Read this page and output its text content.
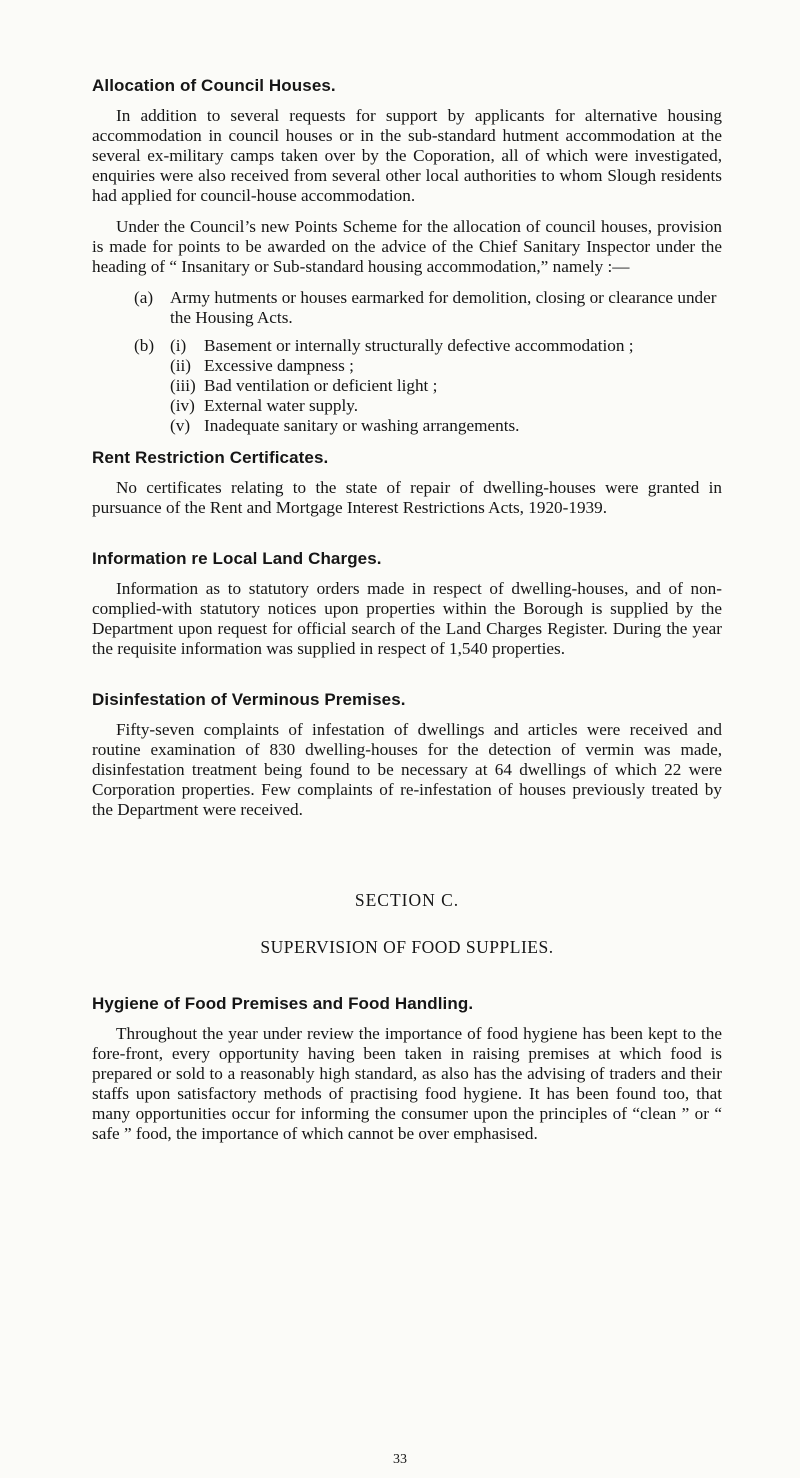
Allocation of Council Houses.

In addition to several requests for support by applicants for alternative housing accommodation in council houses or in the sub-standard hutment accommodation at the several ex-military camps taken over by the Coporation, all of which were investigated, enquiries were also received from several other local authorities to whom Slough residents had applied for council-house accommodation.

Under the Council’s new Points Scheme for the allocation of council houses, provision is made for points to be awarded on the advice of the Chief Sanitary Inspector under the heading of “ Insanitary or Sub-standard housing accommodation,” namely :—

(a) Army hutments or houses earmarked for demolition, closing or clearance under the Housing Acts.
(b) (i)	Basement or internally structurally defective accommodation ;
(ii) Excessive dampness ;
(iii) Bad ventilation or deficient light ;
(iv) External water supply.
(v) Inadequate sanitary or washing arrangements.
Rent Restriction Certificates.

No certificates relating to the state of repair of dwelling-houses were granted in pursuance of the Rent and Mortgage Interest Restrictions Acts, 1920-1939.

Information re Local Land Charges.

Information as to statutory orders made in respect of dwelling-houses, and of non-complied-with statutory notices upon properties within the Borough is supplied by the Department upon request for official search of the Land Charges Register. During the year the requisite information was supplied in respect of 1,540 properties.

Disinfestation of Verminous Premises.

Fifty-seven complaints of infestation of dwellings and articles were received and routine examination of 830 dwelling-houses for the detection of vermin was made, disinfestation treatment being found to be necessary at 64 dwellings of which 22 were Corporation properties. Few complaints of re-infestation of houses previously treated by the Department were received.

SECTION C.
SUPERVISION OF FOOD SUPPLIES.
Hygiene of Food Premises and Food Handling.

Throughout the year under review the importance of food hygiene has been kept to the fore-front, every opportunity having been taken in raising premises at which food is prepared or sold to a reasonably high standard, as also has the advising of traders and their staffs upon satisfactory methods of practising food hygiene. It has been found too, that many opportunities occur for informing the consumer upon the principles of “clean ” or “ safe ” food, the importance of which cannot be over emphasised.

33
